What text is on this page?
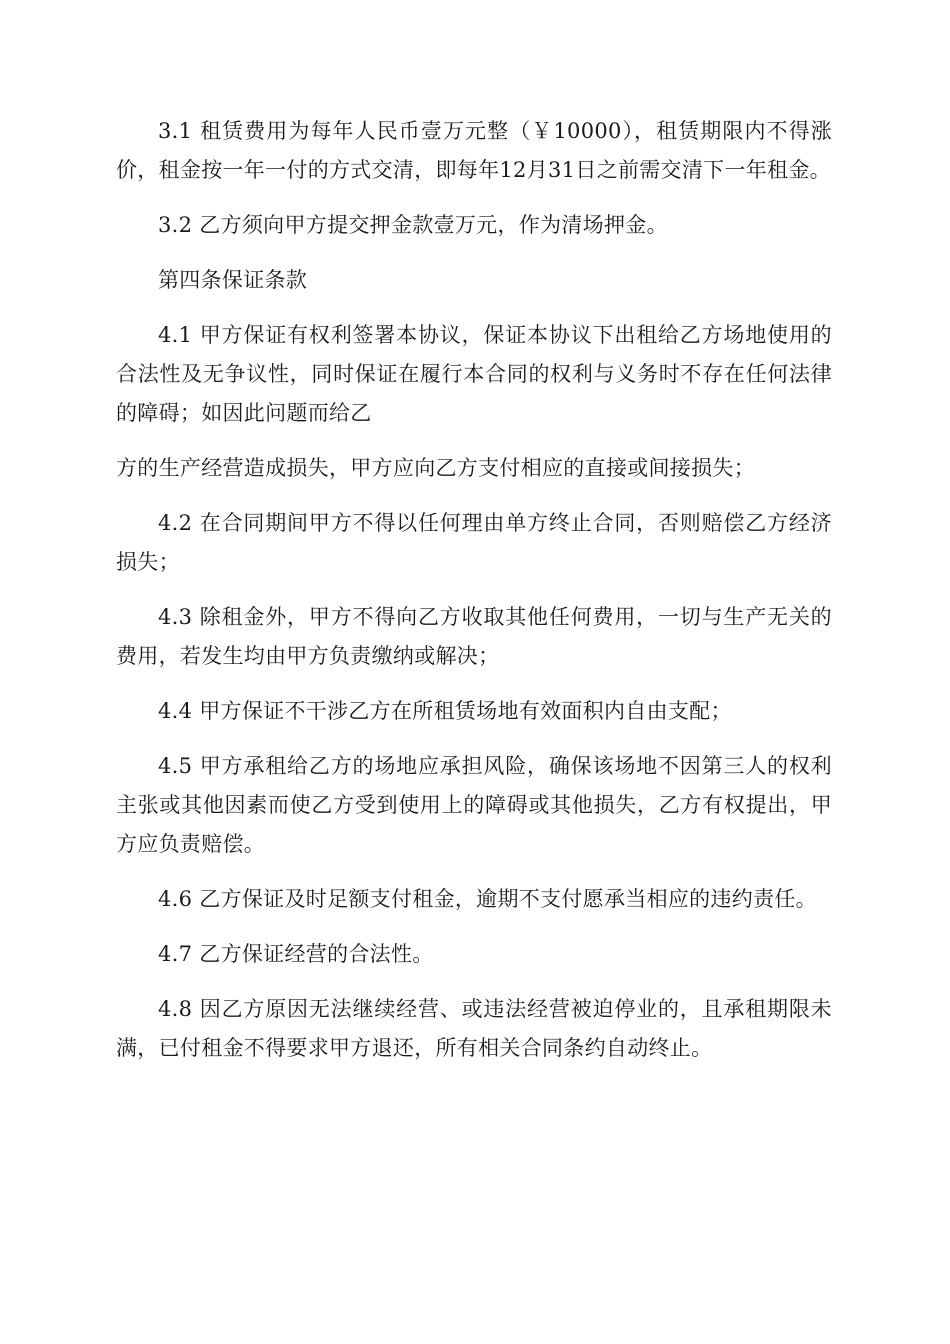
3.1 租赁费用为每年人民币壹万元整（￥10000），租赁期限内不得涨价，租金按一年一付的方式交清，即每年12月31日之前需交清下一年租金。

3.2 乙方须向甲方提交押金款壹万元，作为清场押金。

第四条保证条款

4.1 甲方保证有权利签署本协议，保证本协议下出租给乙方场地使用的合法性及无争议性，同时保证在履行本合同的权利与义务时不存在任何法律的障碍；如因此问题而给乙

方的生产经营造成损失，甲方应向乙方支付相应的直接或间接损失；

4.2 在合同期间甲方不得以任何理由单方终止合同，否则赔偿乙方经济损失；

4.3 除租金外，甲方不得向乙方收取其他任何费用，一切与生产无关的费用，若发生均由甲方负责缴纳或解决；

4.4 甲方保证不干涉乙方在所租赁场地有效面积内自由支配；

4.5 甲方承租给乙方的场地应承担风险，确保该场地不因第三人的权利主张或其他因素而使乙方受到使用上的障碍或其他损失，乙方有权提出，甲方应负责赔偿。

4.6 乙方保证及时足额支付租金，逾期不支付愿承当相应的违约责任。

4.7 乙方保证经营的合法性。

4.8 因乙方原因无法继续经营、或违法经营被迫停业的，且承租期限未满，已付租金不得要求甲方退还，所有相关合同条约自动终止。
